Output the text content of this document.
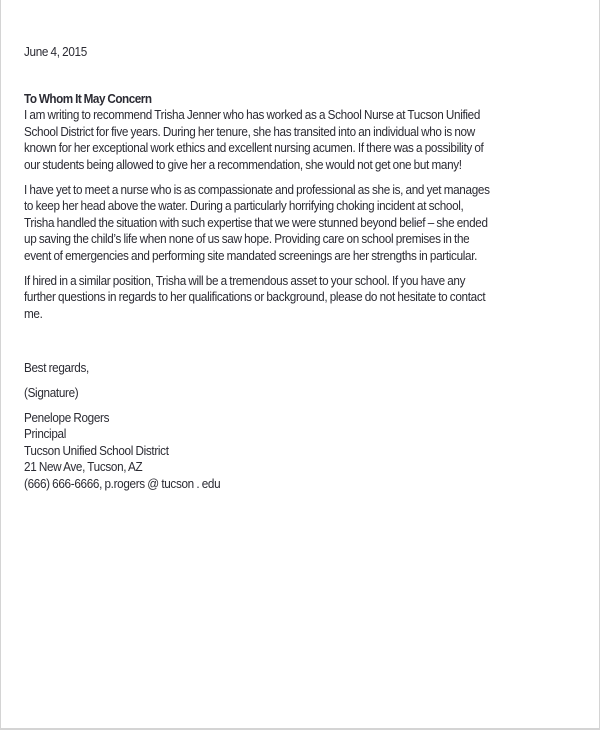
June 4, 2015

To Whom It May Concern

I am writing to recommend Trisha Jenner who has worked as a School Nurse at Tucson Unified
School District for five years. During her tenure, she has transited into an individual who is now
known for her exceptional work ethics and excellent nursing acumen. If there was a possibility of
our students being allowed to give her a recommendation, she would not get one but many!

I have yet to meet a nurse who is as compassionate and professional as she is, and yet manages
to keep her head above the water. During a particularly horrifying choking incident at school,
Trisha handled the situation with such expertise that we were stunned beyond belief – she ended
up saving the child’s life when none of us saw hope. Providing care on school premises in the
event of emergencies and performing site mandated screenings are her strengths in particular.

If hired in a similar position, Trisha will be a tremendous asset to your school. If you have any
further questions in regards to her qualifications or background, please do not hesitate to contact
me.

Best regards,

(Signature)

Penelope Rogers

Principal

Tucson Unified School District

21 New Ave, Tucson, AZ

(666) 666-6666, p.rogers @ tucson . edu
